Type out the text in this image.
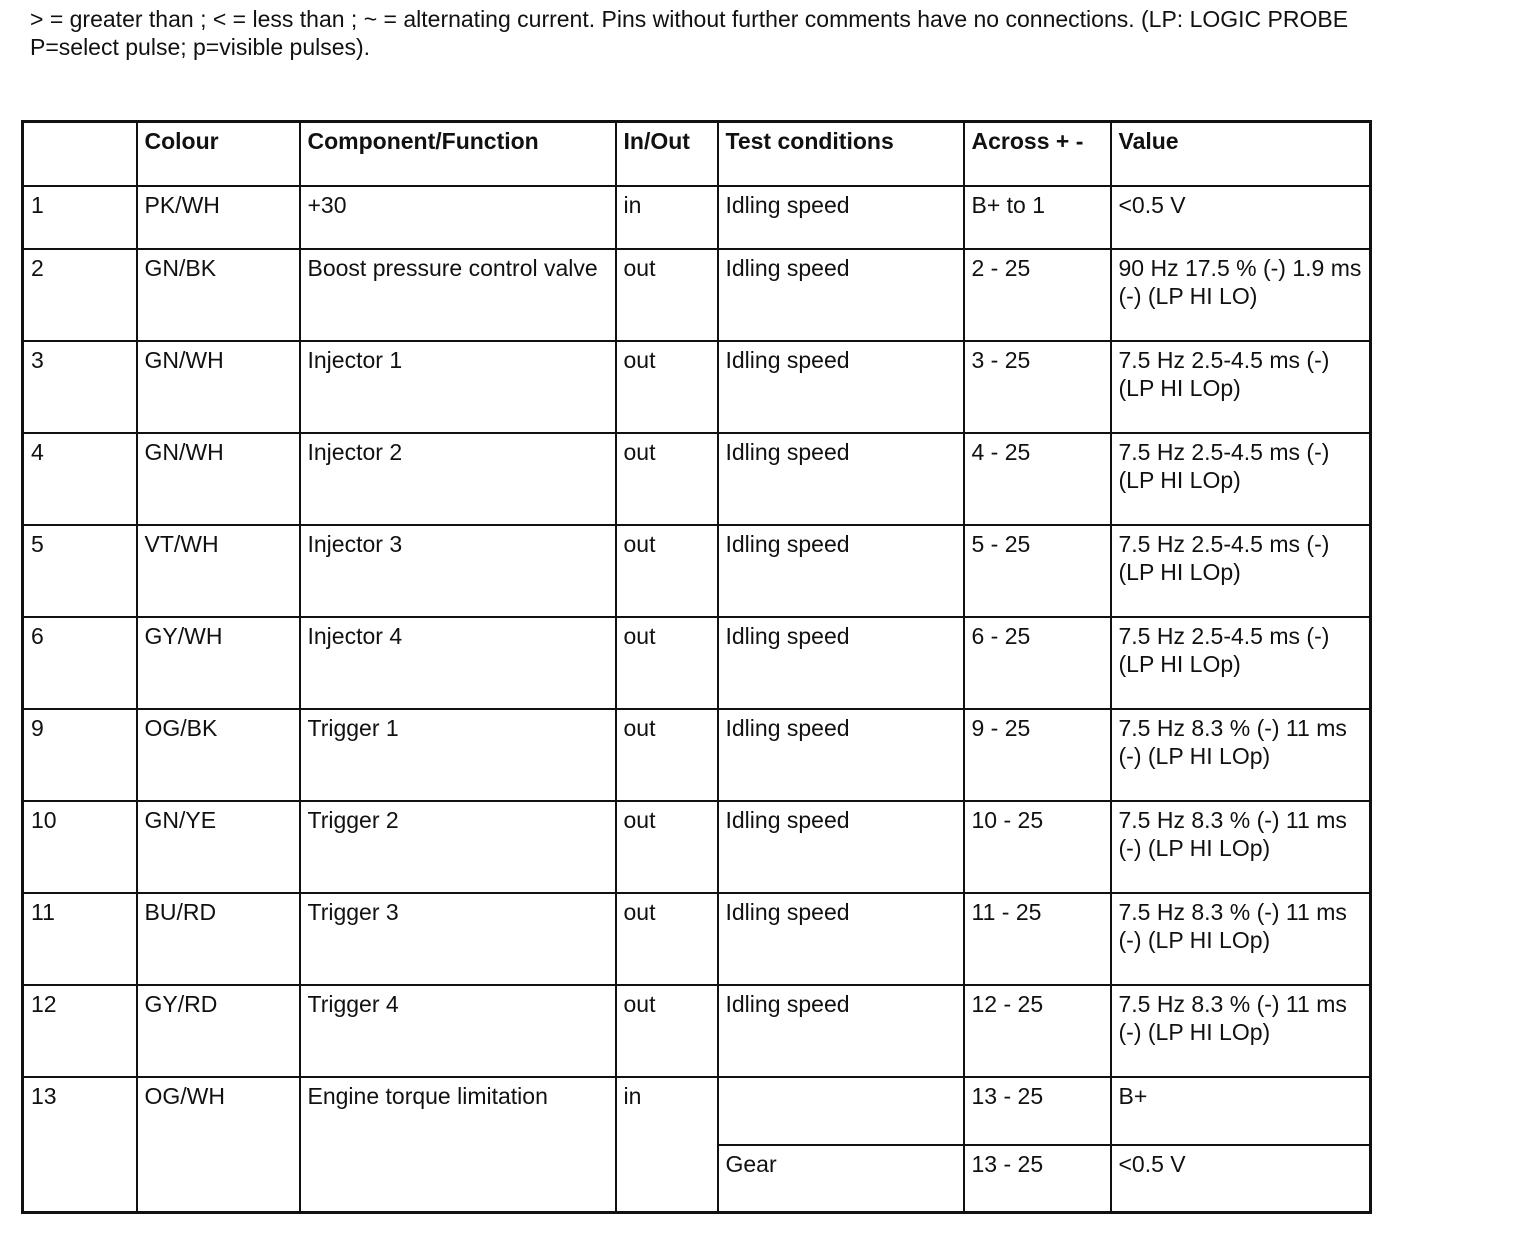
> = greater than ; < = less than ; ~ = alternating current. Pins without further comments have no connections. (LP: LOGIC PROBE
P=select pulse; p=visible pulses).
	Colour	Component/Function	In/Out	Test conditions	Across + -	Value
1	PK/WH	+30	in	Idling speed	B+ to 1	<0.5 V
2	GN/BK	Boost pressure control valve	out	Idling speed	2 - 25	90 Hz 17.5 % (-) 1.9 ms (-) (LP HI LO)
3	GN/WH	Injector 1	out	Idling speed	3 - 25	7.5 Hz 2.5-4.5 ms (-) (LP HI LOp)
4	GN/WH	Injector 2	out	Idling speed	4 - 25	7.5 Hz 2.5-4.5 ms (-) (LP HI LOp)
5	VT/WH	Injector 3	out	Idling speed	5 - 25	7.5 Hz 2.5-4.5 ms (-) (LP HI LOp)
6	GY/WH	Injector 4	out	Idling speed	6 - 25	7.5 Hz 2.5-4.5 ms (-) (LP HI LOp)
9	OG/BK	Trigger 1	out	Idling speed	9 - 25	7.5 Hz 8.3 % (-) 11 ms (-) (LP HI LOp)
10	GN/YE	Trigger 2	out	Idling speed	10 - 25	7.5 Hz 8.3 % (-) 11 ms (-) (LP HI LOp)
11	BU/RD	Trigger 3	out	Idling speed	11 - 25	7.5 Hz 8.3 % (-) 11 ms (-) (LP HI LOp)
12	GY/RD	Trigger 4	out	Idling speed	12 - 25	7.5 Hz 8.3 % (-) 11 ms (-) (LP HI LOp)
13	OG/WH	Engine torque limitation	in		13 - 25	B+
				Gear	13 - 25	<0.5 V
